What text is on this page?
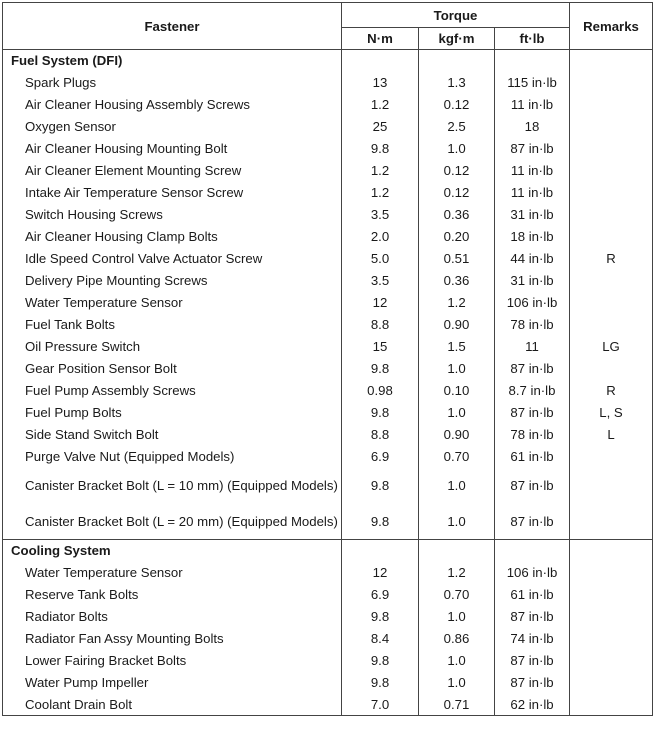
Fastener	Torque			Remarks
	N·m	kgf·m	ft·lb	
Fuel System (DFI)				
Spark Plugs	13	1.3	115 in·lb	
Air Cleaner Housing Assembly Screws	1.2	0.12	11 in·lb	
Oxygen Sensor	25	2.5	18	
Air Cleaner Housing Mounting Bolt	9.8	1.0	87 in·lb	
Air Cleaner Element Mounting Screw	1.2	0.12	11 in·lb	
Intake Air Temperature Sensor Screw	1.2	0.12	11 in·lb	
Switch Housing Screws	3.5	0.36	31 in·lb	
Air Cleaner Housing Clamp Bolts	2.0	0.20	18 in·lb	
Idle Speed Control Valve Actuator Screw	5.0	0.51	44 in·lb	R
Delivery Pipe Mounting Screws	3.5	0.36	31 in·lb	
Water Temperature Sensor	12	1.2	106 in·lb	
Fuel Tank Bolts	8.8	0.90	78 in·lb	
Oil Pressure Switch	15	1.5	11	LG
Gear Position Sensor Bolt	9.8	1.0	87 in·lb	
Fuel Pump Assembly Screws	0.98	0.10	8.7 in·lb	R
Fuel Pump Bolts	9.8	1.0	87 in·lb	L, S
Side Stand Switch Bolt	8.8	0.90	78 in·lb	L
Purge Valve Nut (Equipped Models)	6.9	0.70	61 in·lb	
Canister Bracket Bolt (L = 10 mm) (Equipped Models)	9.8	1.0	87 in·lb	
Canister Bracket Bolt (L = 20 mm) (Equipped Models)	9.8	1.0	87 in·lb	
Cooling System				
Water Temperature Sensor	12	1.2	106 in·lb	
Reserve Tank Bolts	6.9	0.70	61 in·lb	
Radiator Bolts	9.8	1.0	87 in·lb	
Radiator Fan Assy Mounting Bolts	8.4	0.86	74 in·lb	
Lower Fairing Bracket Bolts	9.8	1.0	87 in·lb	
Water Pump Impeller	9.8	1.0	87 in·lb	
Coolant Drain Bolt	7.0	0.71	62 in·lb	
